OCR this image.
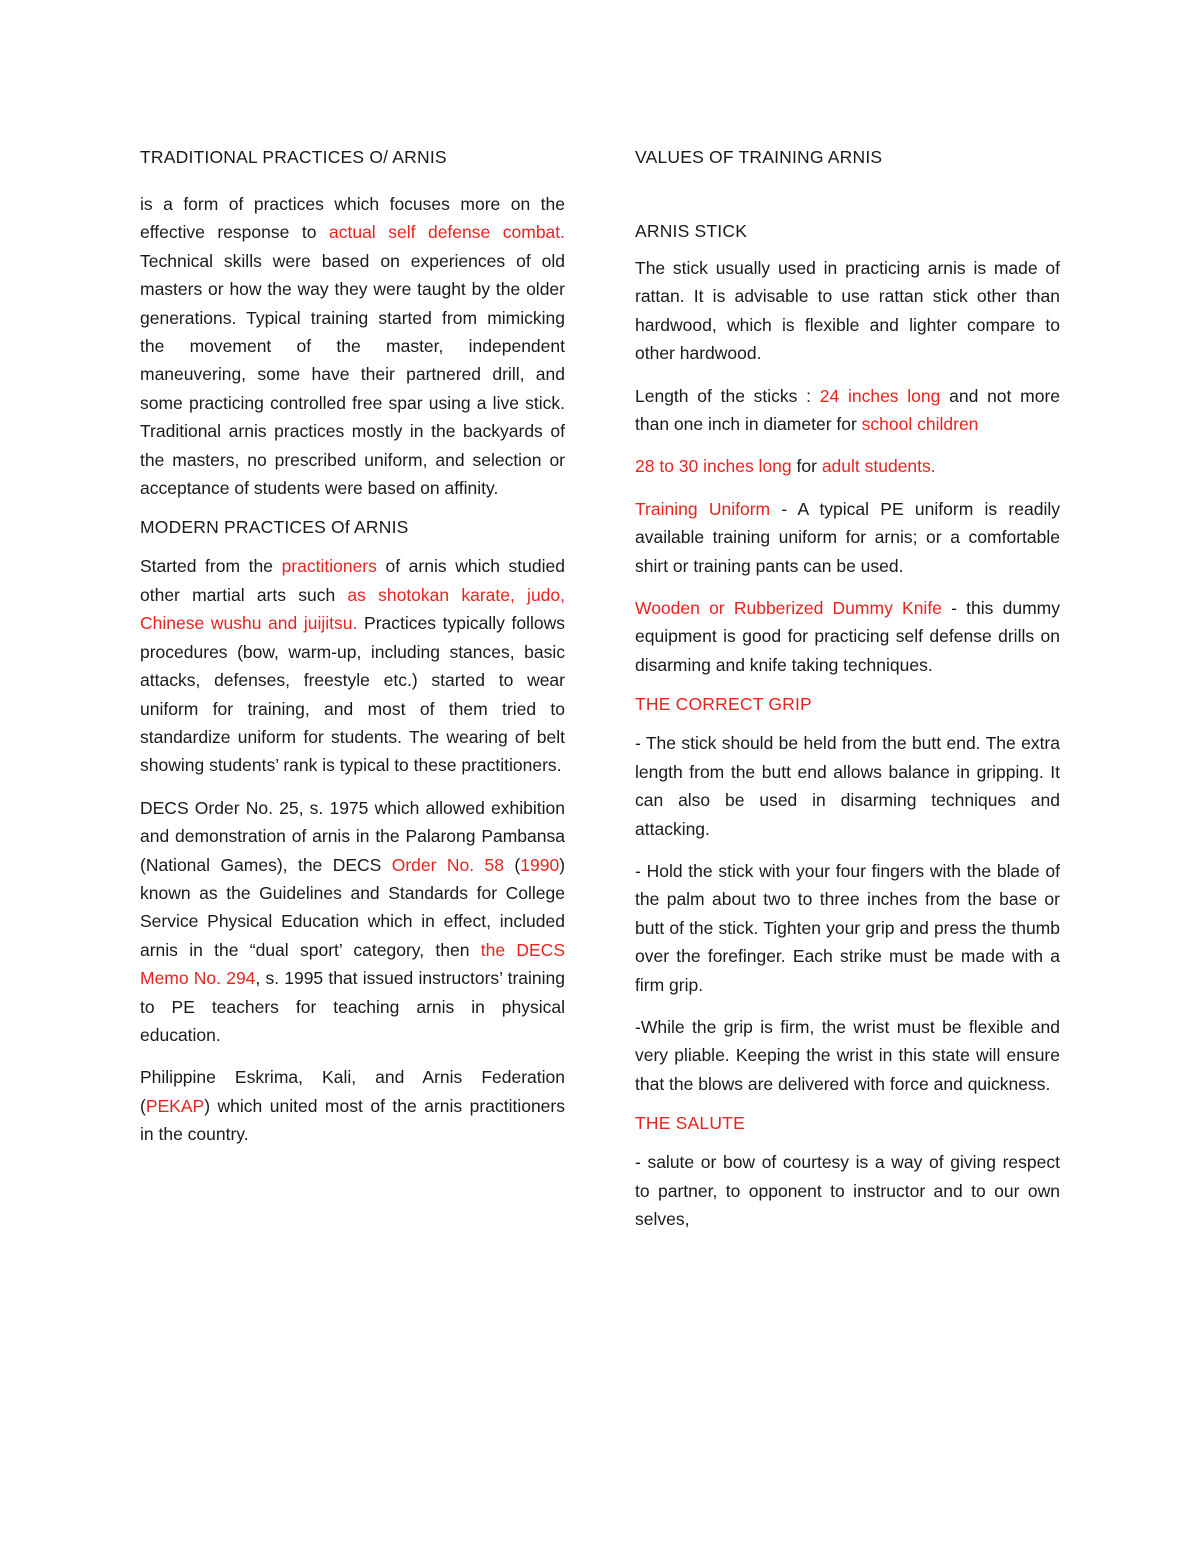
TRADITIONAL PRACTICES O/ ARNIS

is a form of practices which focuses more on the effective response to actual self defense combat. Technical skills were based on experiences of old masters or how the way they were taught by the older generations. Typical training started from mimicking the movement of the master, independent maneuvering, some have their partnered drill, and some practicing controlled free spar using a live stick. Traditional arnis practices mostly in the backyards of the masters, no prescribed uniform, and selection or acceptance of students were based on affinity.

MODERN PRACTICES Of ARNIS

Started from the practitioners of arnis which studied other martial arts such as shotokan karate, judo, Chinese wushu and juijitsu. Practices typically follows procedures (bow, warm-up, including stances, basic attacks, defenses, freestyle etc.) started to wear uniform for training, and most of them tried to standardize uniform for students. The wearing of belt showing students’ rank is typical to these practitioners.

DECS Order No. 25, s. 1975 which allowed exhibition and demonstration of arnis in the Palarong Pambansa (National Games), the DECS Order No. 58 (1990) known as the Guidelines and Standards for College Service Physical Education which in effect, included arnis in the “dual sport’ category, then the DECS Memo No. 294, s. 1995 that issued instructors’ training to PE teachers for teaching arnis in physical education.

Philippine Eskrima, Kali, and Arnis Federation (PEKAP) which united most of the arnis practitioners in the country.

VALUES OF TRAINING ARNIS
ARNIS STICK

The stick usually used in practicing arnis is made of rattan. It is advisable to use rattan stick other than hardwood, which is flexible and lighter compare to other hardwood.

Length of the sticks : 24 inches long and not more than one inch in diameter for school children

28 to 30 inches long for adult students.

Training Uniform - A typical PE uniform is readily available training uniform for arnis; or a comfortable shirt or training pants can be used.

Wooden or Rubberized Dummy Knife - this dummy equipment is good for practicing self defense drills on disarming and knife taking techniques.

THE CORRECT GRIP

- The stick should be held from the butt end. The extra length from the butt end allows balance in gripping. It can also be used in disarming techniques and attacking.

- Hold the stick with your four fingers with the blade of the palm about two to three inches from the base or butt of the stick. Tighten your grip and press the thumb over the forefinger. Each strike must be made with a firm grip.

-While the grip is firm, the wrist must be flexible and very pliable. Keeping the wrist in this state will ensure that the blows are delivered with force and quickness.

THE SALUTE

- salute or bow of courtesy is a way of giving respect to partner, to opponent to instructor and to our own selves,
